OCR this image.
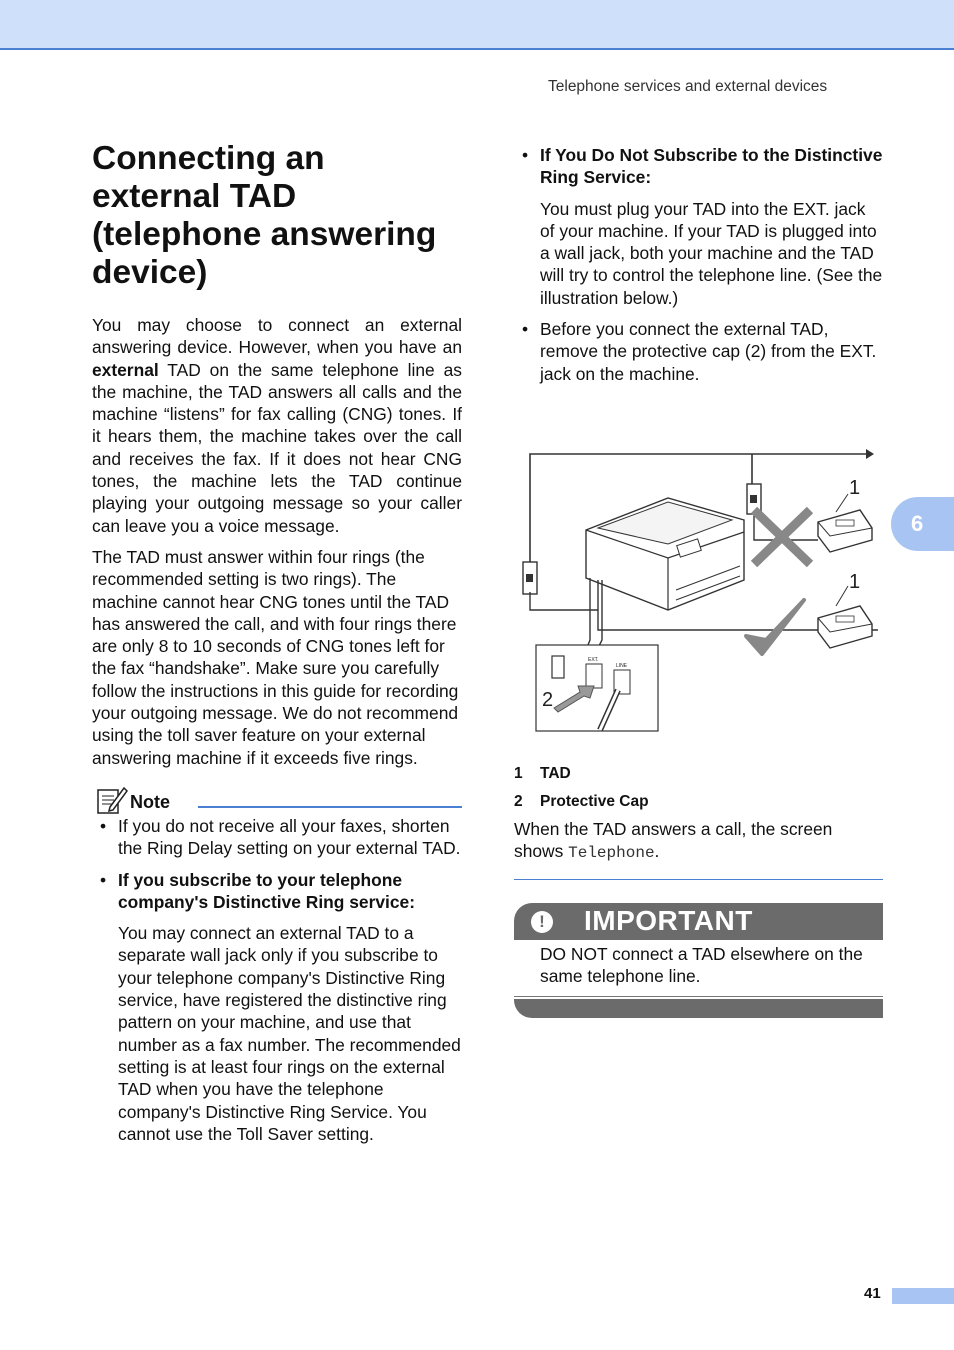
Telephone services and external devices
6
Connecting an external TAD (telephone answering device)

You may choose to connect an external answering device. However, when you have an external TAD on the same telephone line as the machine, the TAD answers all calls and the machine “listens” for fax calling (CNG) tones. If it hears them, the machine takes over the call and receives the fax. If it does not hear CNG tones, the machine lets the TAD continue playing your outgoing message so your caller can leave you a voice message.

The TAD must answer within four rings (the recommended setting is two rings). The machine cannot hear CNG tones until the TAD has answered the call, and with four rings there are only 8 to 10 seconds of CNG tones left for the fax “handshake”. Make sure you carefully follow the instructions in this guide for recording your outgoing message. We do not recommend using the toll saver feature on your external answering machine if it exceeds five rings.

Note
• If you do not receive all your faxes, shorten the Ring Delay setting on your external TAD.
• If you subscribe to your telephone company's Distinctive Ring service:
You may connect an external TAD to a separate wall jack only if you subscribe to your telephone company's Distinctive Ring service, have registered the distinctive ring pattern on your machine, and use that number as a fax number. The recommended setting is at least four rings on the external TAD when you have the telephone company's Distinctive Ring Service. You cannot use the Toll Saver setting.
• If You Do Not Subscribe to the Distinctive Ring Service:
You must plug your TAD into the EXT. jack of your machine. If your TAD is plugged into a wall jack, both your machine and the TAD will try to control the telephone line. (See the illustration below.)
• Before you connect the external TAD, remove the protective cap (2) from the EXT. jack on the machine.
1
1
EXT.
LINE
2
1 TAD
2 Protective Cap
When the TAD answers a call, the screen shows Telephone.
! IMPORTANT
DO NOT connect a TAD elsewhere on the same telephone line.
41
